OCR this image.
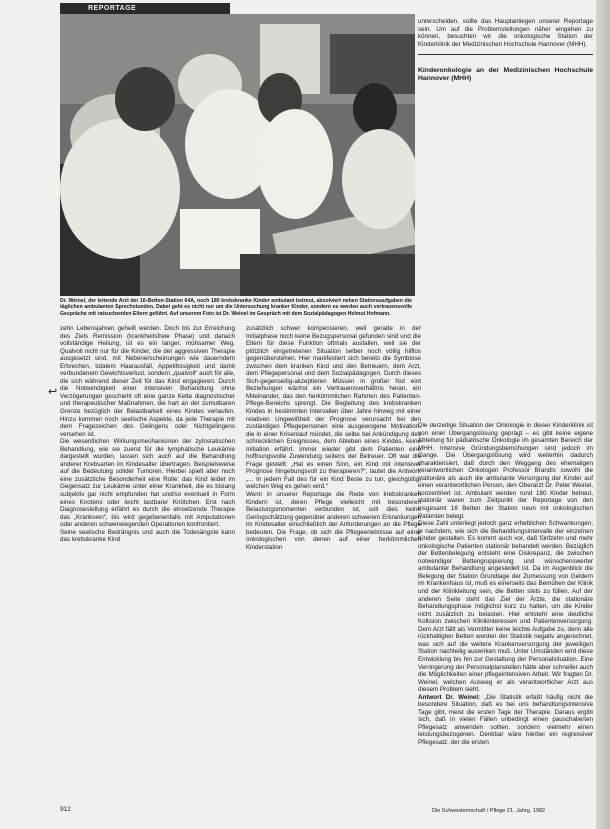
REPORTAGE
Dr. Weinel, der leitende Arzt der 16-Betten-Station 64A, noch 180 krebskranke Kinder ambulant betreut, absolviert neben Stationsaufgaben die täglichen ambulanten Sprechstunden. Dabei geht es nicht nur um die Untersuchung kranker Kinder, sondern es werden auch vertrauensvolle Gespräche mit ratsuchenden Eltern geführt. Auf unserem Foto ist Dr. Weinel im Gespräch mit dem Sozialpädagogen Helmut Hofmann.
↩

zehn Lebensjahren geheilt werden. Doch bis zur Erreichung des Ziels Remission (krankheitsfreie Phase) und danach vollständige Heilung, ist es ein langer, mühsamer Weg. Qualvoll nicht nur für die Kinder, die der aggressiven Therapie ausgesetzt sind, mit Nebenerscheinungen wie dauerndem Erbrechen, totalem Haarausfall, Appetitlosigkeit und damit verbundenem Gewichtsverlust, sondern „qualvoll“ auch für alle, die sich während dieser Zeit für das Kind engagieren. Durch die Notwendigkeit einer intensiven Behandlung ohne Verzögerungen geschieht oft eine ganze Kette diagnostischer und therapeutischer Maßnahmen, die hart an der zumutbaren Grenze bezüglich der Belastbarkeit eines Kindes verlaufen. Hinzu kommen noch seelische Aspekte, da jede Therapie mit dem Fragezeichen des Gelingens oder Nichtgelingens versehen ist.

Die wesentlichen Wirkungsmechanismen der zytostatischen Behandlung, wie sie zuerst für die lymphatische Leukämie dargestellt wurden, lassen sich auch auf die Behandlung anderer Krebsarten im Kindesalter übertragen. Beispielsweise auf die Bedeutung solider Tumoren. Hierbei spielt aber noch eine zusätzliche Besonderheit eine Rolle: das Kind leidet im Gegensatz zur Leukämie unter einer Krankheit, die es bislang subjektiv gar nicht empfunden hat und/so eventuell in Form eines Knotens oder leicht tastbarer Knötchen. Erst nach Diagnosestellung erfährt es durch die einsetzende Therapie das „Kranksein“, bis wird gegebenenfalls mit Amputationen oder anderen schwerwiegenden Operationen konfrontiert.

Seine seelische Bedrängnis und auch die Todesängste kann das krebskranke Kind

zusätzlich schwer kompensieren, weil gerade in der Initialphase noch keine Bezugspersonal gefunden sind und die Eltern für diese Funktion oftmals ausfallen, weil sie der plötzlich eingetretenen Situation selber noch völlig hilflos gegenüberstehen. Hier manifestiert sich bereits die Symbiose zwischen dem kranken Kind und den Betreuern, dem Arzt, dem Pflegepersonal und dem Sozialpädagogen. Durch dieses Sich-gegenseitig-akzeptieren Müssen in großer Not eint Beziehungen wächst ein Vertrauensverhältnis heran, ein Miteinander, das den herkömmlichen Rahmen des Patienten-Pflege-Bereichs sprengt. Die Begleitung des krebskranken Kindes in bestimmten Intervallen über Jahre hinweg mit einer relativen Ungewißheit der Prognose verursacht bei den zuständigen Pflegepersonen eine ausgewogene Motivation, die in einer Krisenlauf mündet, die selbe bei Ankündigung des schrecklichen Ereignisses, dem Ableben eines Kindes, keine Initiation erfährt. Immer wieder gibt dem Patienten eine hoffnungsvolle Zuwendung seitens der Betreuer. Oft war die Frage gestellt: „Hat es einen Sinn, ein Kind mit intensiver Prognose hingebungsvoll zu therapieren?“, lautet die Antwort: „... In jedem Fall des für ein Kind Beste zu tun, gleichgültig, welchen Weg es gehen wird.“

Wenn in unserer Reportage die Rede von krebskranken Kindern ist, deren Pflege vielleicht mit besonderen Belastungsmomenten verbunden ist, soll dies keine Geringschätzung gegenüber anderen schwerem Erkrankungen im Kindesalter einschließlich der Anforderungen an die Pflege bedeuten. Die Frage, ob sich die Pflegeerlebnisse auf einer onkologischen von denen auf einer herkömmlichen Kinderstation

unterscheiden, sollte das Hauptanliegen unserer Reportage sein. Um auf die Problemstellungen näher eingehen zu können, besuchten wir die onkologische Station der Kinderklinik der Medizinischen Hochschule Hannover (MHH).

Kinderonkologie an der Medizinischen Hochschule Hannover (MHH)

Die derzeitige Situation der Onkologie in dieser Kinderklinik ist von einer Übergangslösung geprägt – es gibt keine eigene Abteilung für pädiatrische Onkologie im gesamten Bereich der MHH. Intensive Gründungsbemühungen sind jedoch im Gange. Die Übergangslösung wird weiterhin dadurch charakterisiert, daß durch den Weggang des ehemaligen verantwortlichen Onkologen Professor Brandis sowohl die stationäre als auch die ambulante Versorgung der Kinder auf einen verantwortlichen Person, den Oberarzt Dr. Peter Weinel, konzentriert ist. Ambulant werden rund 180 Kinder betreut, stationär waren zum Zeitpunkt der Reportage von den insgesamt 16 Betten der Station neun mit onkologischen Patienten belegt.

Diese Zahl unterliegt jedoch ganz erheblichen Schwankungen, je nachdem, wie sich die Behandlungsintervalle der einzelnen Kinder gestalten. Es kommt auch vor, daß fünfzehn und mehr onkologische Patienten stationär behandelt werden. Bezüglich der Bettenbelegung entsteht eine Diskrepanz, die zwischen notwendiger Bettengruppierung und wünschenswerter ambulanter Behandlung angesiedelt ist. Da im Augenblick die Belegung der Station Grundlage der Zumessung von Geldern im Krankenhaus ist, muß es einerseits das Bemühen der Klinik und der Klinikleitung sein, die Betten stets zu füllen. Auf der anderen Seite steht das Ziel der Ärzte, die stationäre Behandlungsphase möglichst kurz zu halten, um die Kinder nicht zusätzlich zu belasten. Hier entsteht eine deutliche Kollision zwischen Klinikinteressen und Patientenversorgung. Dem Arzt fällt als Vermittler keine leichte Aufgabe zu, denn alle rückhaltigten Betten werden der Statistik negativ angerechnet, was sich auf die weitere Krankenversorgung der jeweiligen Station nachteilig auswirken muß. Unter Umständen wird diese Entwicklung bis hin zur Gestaltung der Personalsituation. Eine Verringerung der Personalplanstellen hätte aber schneller auch die Möglichkeiten einer pflegeintensiven Arbeit. Wir fragten Dr. Weinel, welchen Ausweg er als verantwortlicher Arzt aus diesem Problem sieht.

Antwort Dr. Weinel: „Die Statistik erfaßt häufig nicht die besondere Situation, daß es bei uns behandlungsintensive Tage gibt, meist die ersten Tage der Therapie. Daraus ergibt sich, daß in vielen Fällen unbedingt einen pauschalierten Pflegesatz anwenden sollten, sondern vielmehr einen leistungsbezogenen. Denkbar wäre hierbei ein regressiver Pflegesatz, der die ersten

912	Die Schwesternschaft / Pflege 21. Jahrg. 1982
